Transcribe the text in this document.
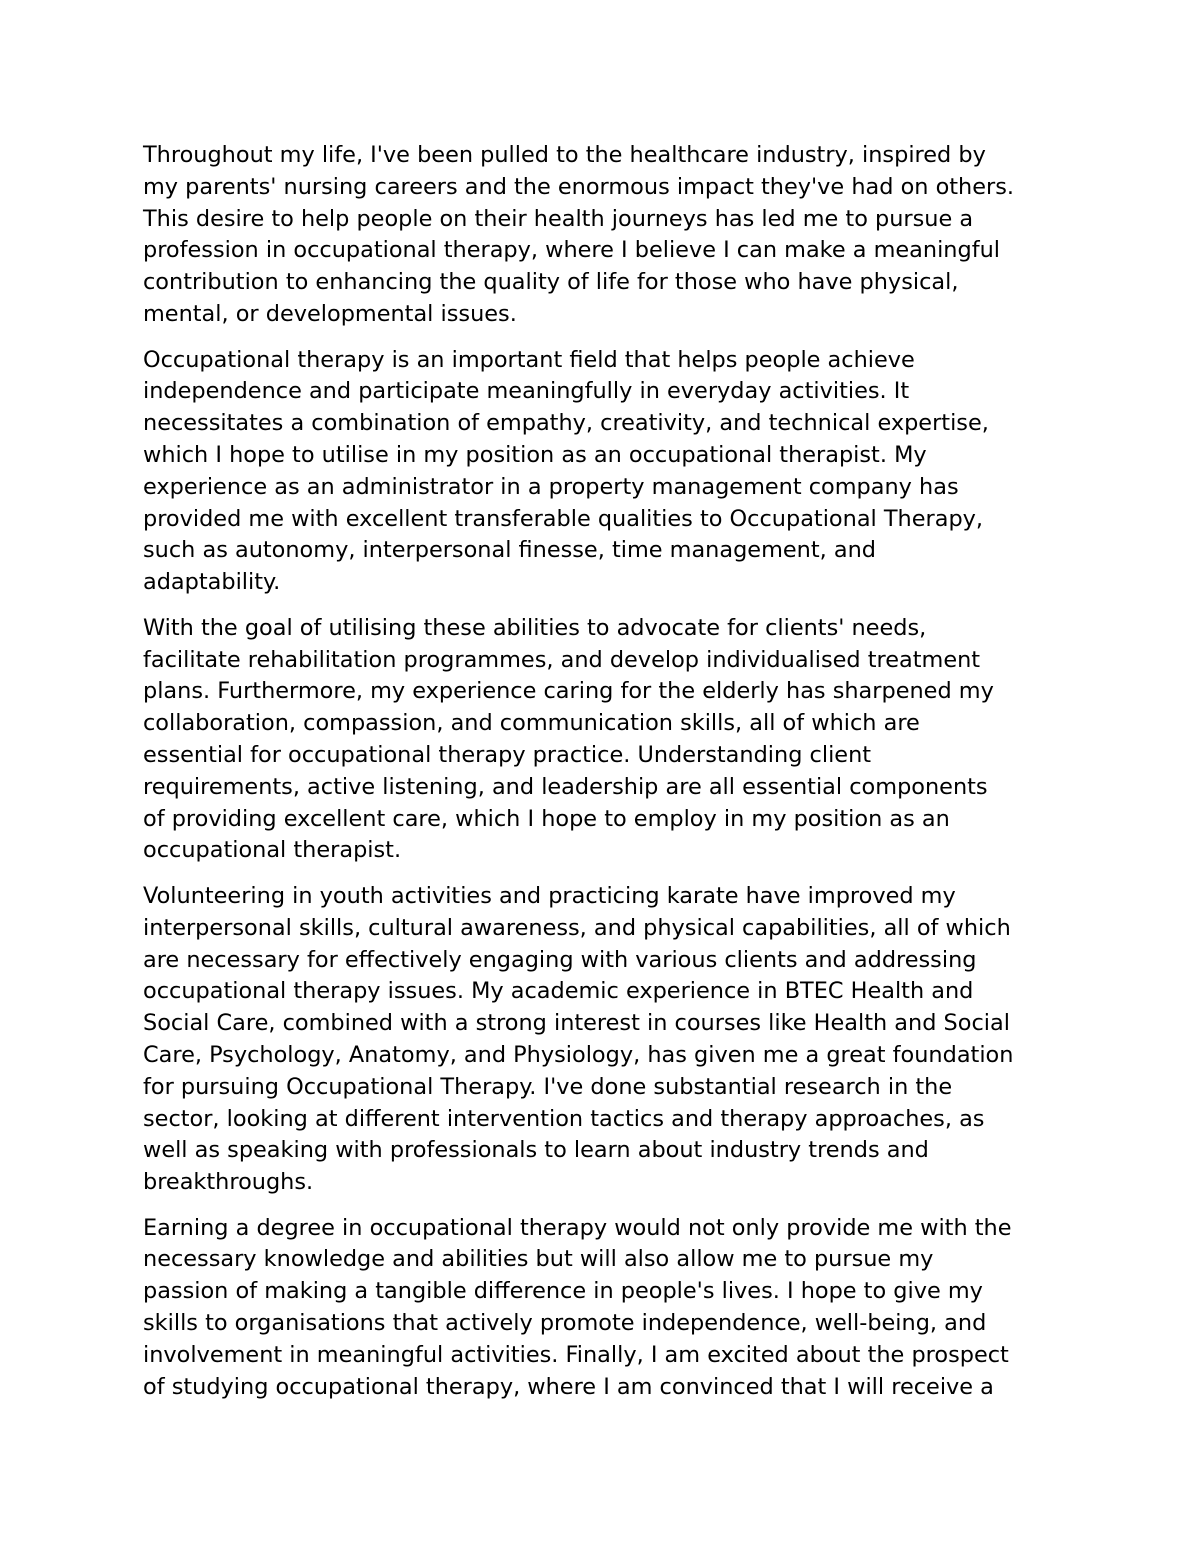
Throughout my life, I've been pulled to the healthcare industry, inspired by
my parents' nursing careers and the enormous impact they've had on others.
This desire to help people on their health journeys has led me to pursue a
profession in occupational therapy, where I believe I can make a meaningful
contribution to enhancing the quality of life for those who have physical,
mental, or developmental issues.
Occupational therapy is an important field that helps people achieve
independence and participate meaningfully in everyday activities. It
necessitates a combination of empathy, creativity, and technical expertise,
which I hope to utilise in my position as an occupational therapist. My
experience as an administrator in a property management company has
provided me with excellent transferable qualities to Occupational Therapy,
such as autonomy, interpersonal finesse, time management, and
adaptability.
With the goal of utilising these abilities to advocate for clients' needs,
facilitate rehabilitation programmes, and develop individualised treatment
plans. Furthermore, my experience caring for the elderly has sharpened my
collaboration, compassion, and communication skills, all of which are
essential for occupational therapy practice. Understanding client
requirements, active listening, and leadership are all essential components
of providing excellent care, which I hope to employ in my position as an
occupational therapist.
Volunteering in youth activities and practicing karate have improved my
interpersonal skills, cultural awareness, and physical capabilities, all of which
are necessary for effectively engaging with various clients and addressing
occupational therapy issues. My academic experience in BTEC Health and
Social Care, combined with a strong interest in courses like Health and Social
Care, Psychology, Anatomy, and Physiology, has given me a great foundation
for pursuing Occupational Therapy. I've done substantial research in the
sector, looking at different intervention tactics and therapy approaches, as
well as speaking with professionals to learn about industry trends and
breakthroughs.
Earning a degree in occupational therapy would not only provide me with the
necessary knowledge and abilities but will also allow me to pursue my
passion of making a tangible difference in people's lives. I hope to give my
skills to organisations that actively promote independence, well-being, and
involvement in meaningful activities. Finally, I am excited about the prospect
of studying occupational therapy, where I am convinced that I will receive a
